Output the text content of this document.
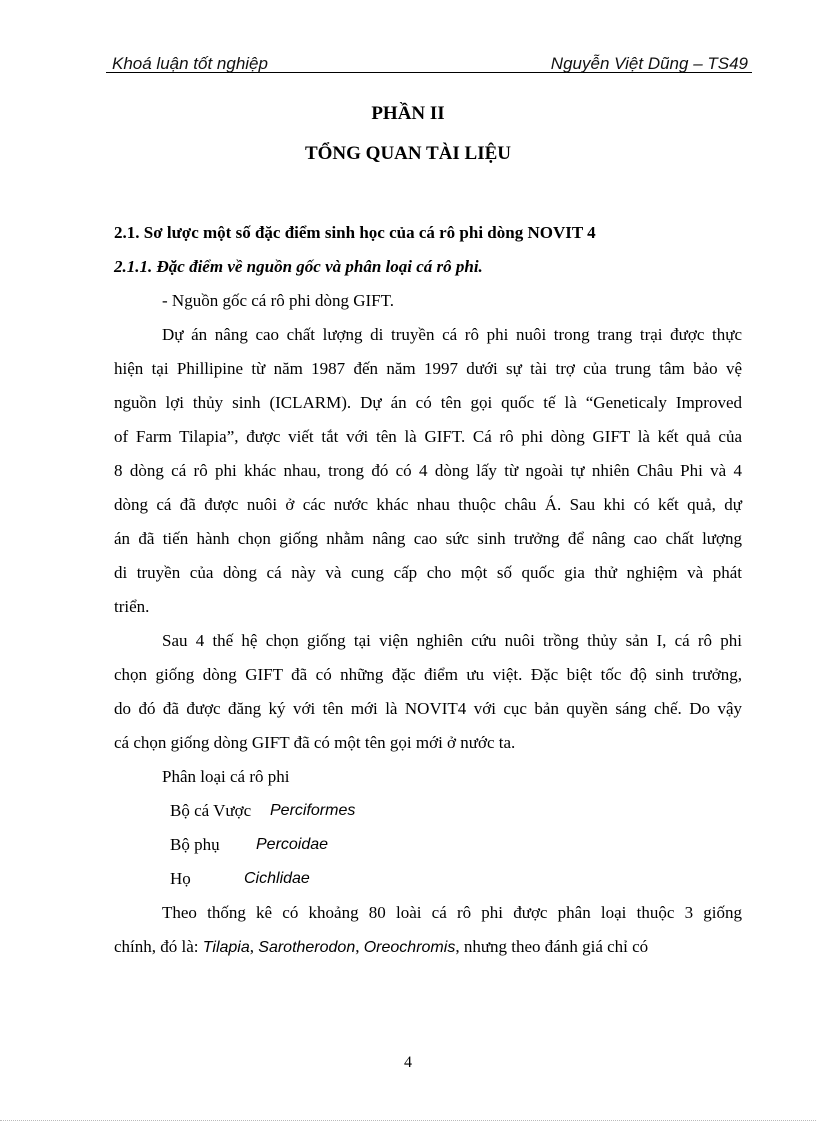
Khoá luận tốt nghiệp	Nguyễn Việt Dũng – TS49
PHẦN II
TỔNG QUAN TÀI LIỆU
2.1. Sơ lược một số đặc điểm sinh học của cá rô phi dòng NOVIT 4
2.1.1. Đặc điểm về nguồn gốc và phân loại cá rô phi.
- Nguồn gốc cá rô phi dòng GIFT.
Dự án nâng cao chất lượng di truyền cá rô phi nuôi trong trang trại được thực
hiện tại Phillipine từ năm 1987 đến năm 1997 dưới sự tài trợ của trung tâm bảo vệ
nguồn lợi thủy sinh (ICLARM). Dự án có tên gọi quốc tế là “Geneticaly Improved
of Farm Tilapia”, được viết tắt với tên là GIFT. Cá rô phi dòng GIFT là kết quả của
8 dòng cá rô phi khác nhau, trong đó có 4 dòng lấy từ ngoài tự nhiên Châu Phi và 4
dòng cá đã được nuôi ở các nước khác nhau thuộc châu Á. Sau khi có kết quả, dự
án đã tiến hành chọn giống nhằm nâng cao sức sinh trưởng để nâng cao chất lượng
di truyền của dòng cá này và cung cấp cho một số quốc gia thử nghiệm và phát
triển.
Sau 4 thế hệ chọn giống tại viện nghiên cứu nuôi trồng thủy sản I, cá rô phi
chọn giống dòng GIFT đã có những đặc điểm ưu việt. Đặc biệt tốc độ sinh trưởng,
do đó đã được đăng ký với tên mới là NOVIT4 với cục bản quyền sáng chế. Do vậy
cá chọn giống dòng GIFT đã có một tên gọi mới ở nước ta.
Phân loại cá rô phi
Bộ cá Vược Perciformes
Bộ phụ Percoidae
Họ	Cichlidae
Theo thống kê có khoảng 80 loài cá rô phi được phân loại thuộc 3 giống
chính, đó là: Tilapia, Sarotherodon, Oreochromis, nhưng theo đánh giá chỉ có
4
